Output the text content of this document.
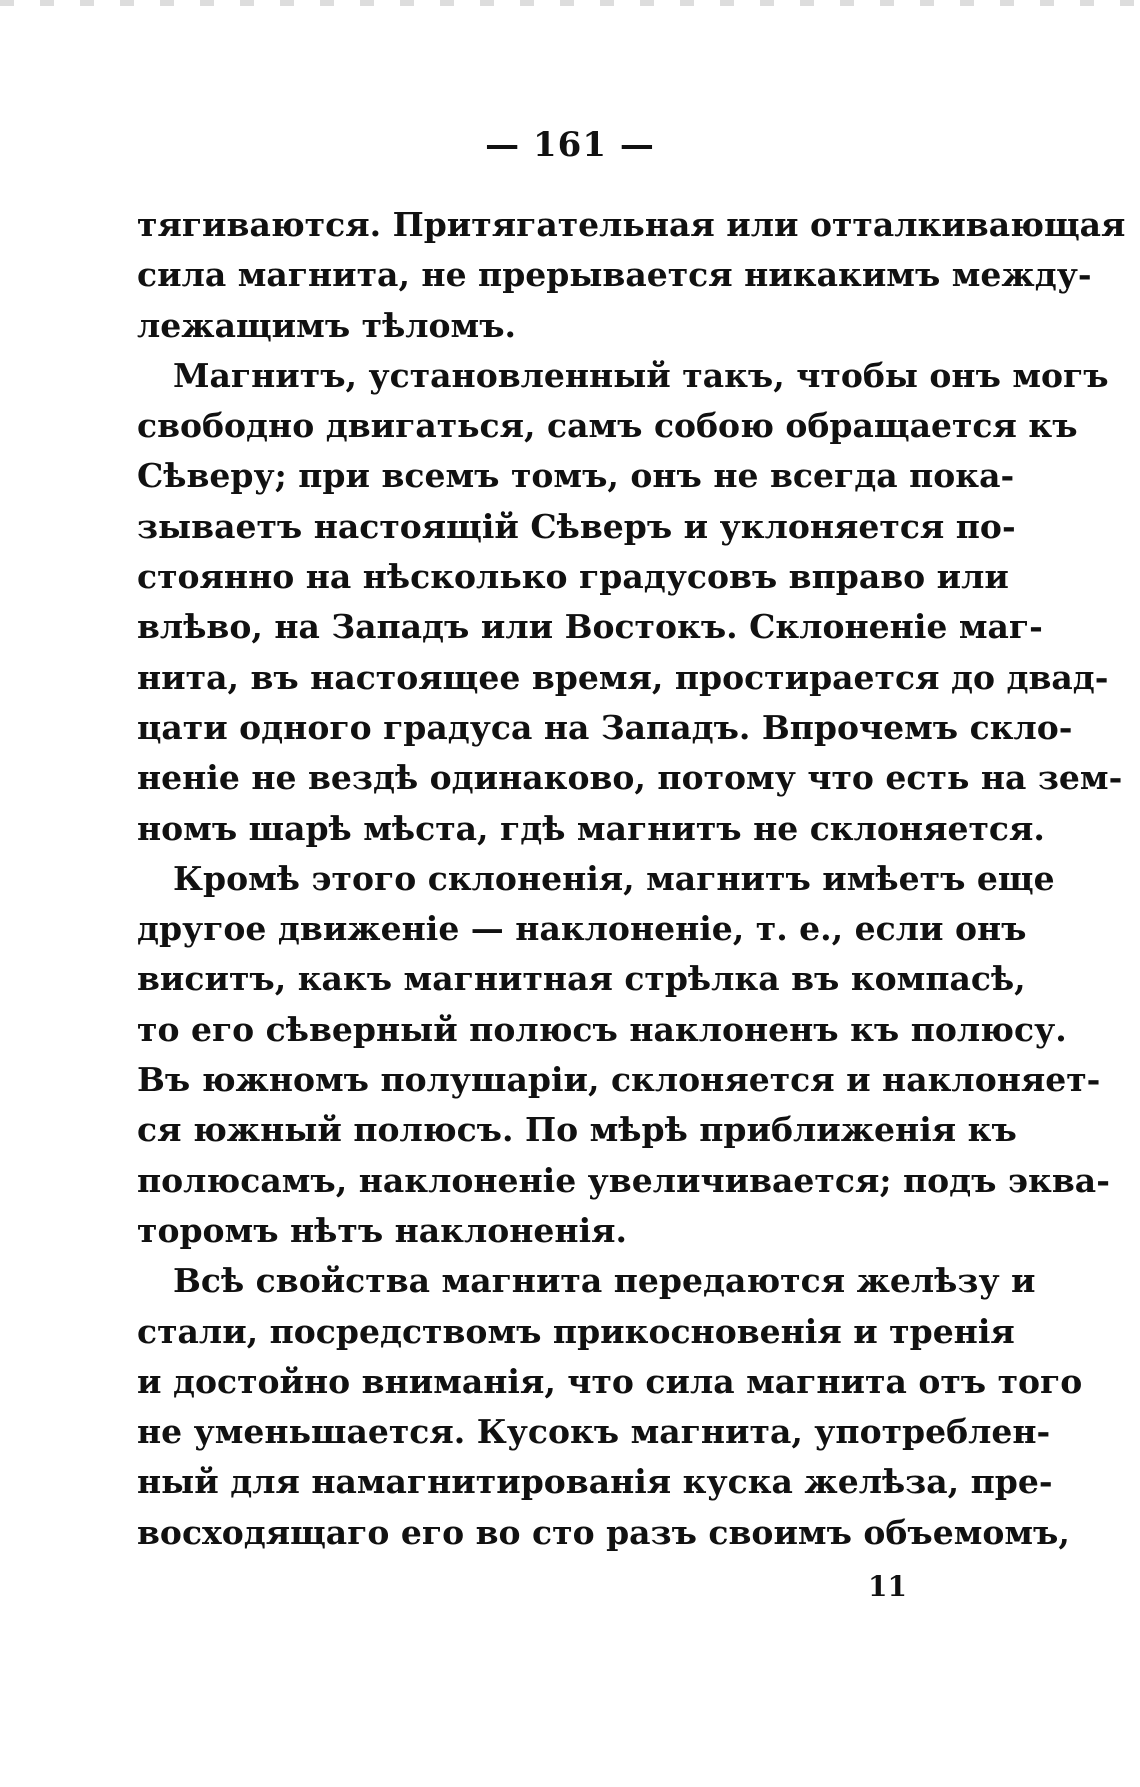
— 161 —
тягиваются. Притягательная или отталкивающая
сила магнита, не прерывается никакимъ между-
лежащимъ тѣломъ.
Магнитъ, установленный такъ, чтобы онъ могъ
свободно двигаться, самъ собою обращается къ
Сѣверу; при всемъ томъ, онъ не всегда пока-
зываетъ настоящій Сѣверъ и уклоняется по-
стоянно на нѣсколько градусовъ вправо или
влѣво, на Западъ или Востокъ. Склоненіе маг-
нита, въ настоящее время, простирается до двад-
цати одного градуса на Западъ. Впрочемъ скло-
неніе не вездѣ одинаково, потому что есть на зем-
номъ шарѣ мѣста, гдѣ магнитъ не склоняется.
Кромѣ этого склоненія, магнитъ имѣетъ еще
другое движеніе — наклоненіе, т. е., если онъ
виситъ, какъ магнитная стрѣлка въ компасѣ,
то его сѣверный полюсъ наклоненъ къ полюсу.
Въ южномъ полушаріи, склоняется и наклоняет-
ся южный полюсъ. По мѣрѣ приближенія къ
полюсамъ, наклоненіе увеличивается; подъ эква-
торомъ нѣтъ наклоненія.
Всѣ свойства магнита передаются желѣзу и
стали, посредствомъ прикосновенія и тренія
и достойно вниманія, что сила магнита отъ того
не уменьшается. Кусокъ магнита, употреблен-
ный для намагнитированія куска желѣза, пре-
восходящаго его во сто разъ своимъ объемомъ,
11
